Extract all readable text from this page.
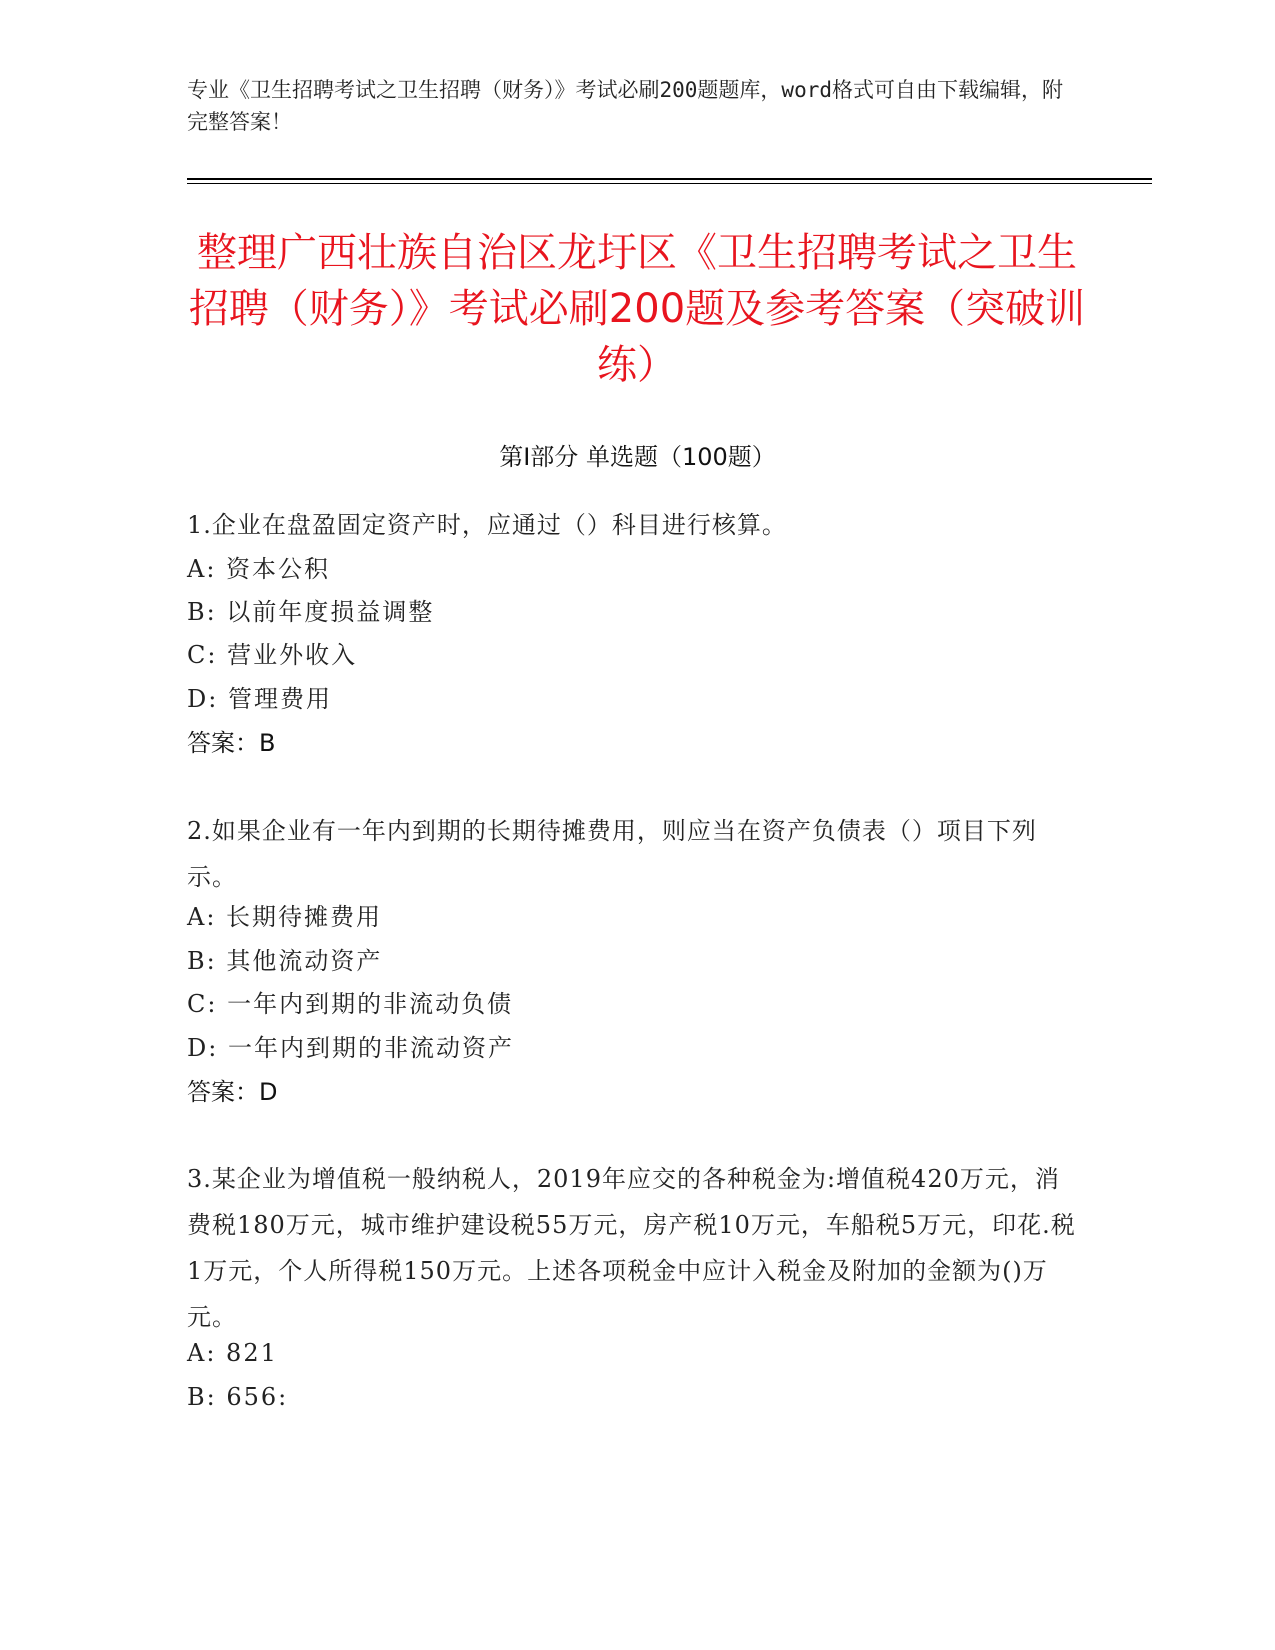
专业《卫生招聘考试之卫生招聘（财务）》考试必刷200题题库，word格式可自由下载编辑，附完整答案！
整理广西壮族自治区龙圩区《卫生招聘考试之卫生招聘（财务）》考试必刷200题及参考答案（突破训练）
第Ⅰ部分 单选题（100题）
1.企业在盘盈固定资产时，应通过（）科目进行核算。
A: 资本公积
B: 以前年度损益调整
C: 营业外收入
D: 管理费用
答案：B
2.如果企业有一年内到期的长期待摊费用，则应当在资产负债表（）项目下列示。
A: 长期待摊费用
B: 其他流动资产
C: 一年内到期的非流动负债
D: 一年内到期的非流动资产
答案：D
3.某企业为增值税一般纳税人，2019年应交的各种税金为:增值税420万元，消费税180万元，城市维护建设税55万元，房产税10万元，车船税5万元，印花.税1万元，个人所得税150万元。上述各项税金中应计入税金及附加的金额为()万元。
A: 821
B: 656:
